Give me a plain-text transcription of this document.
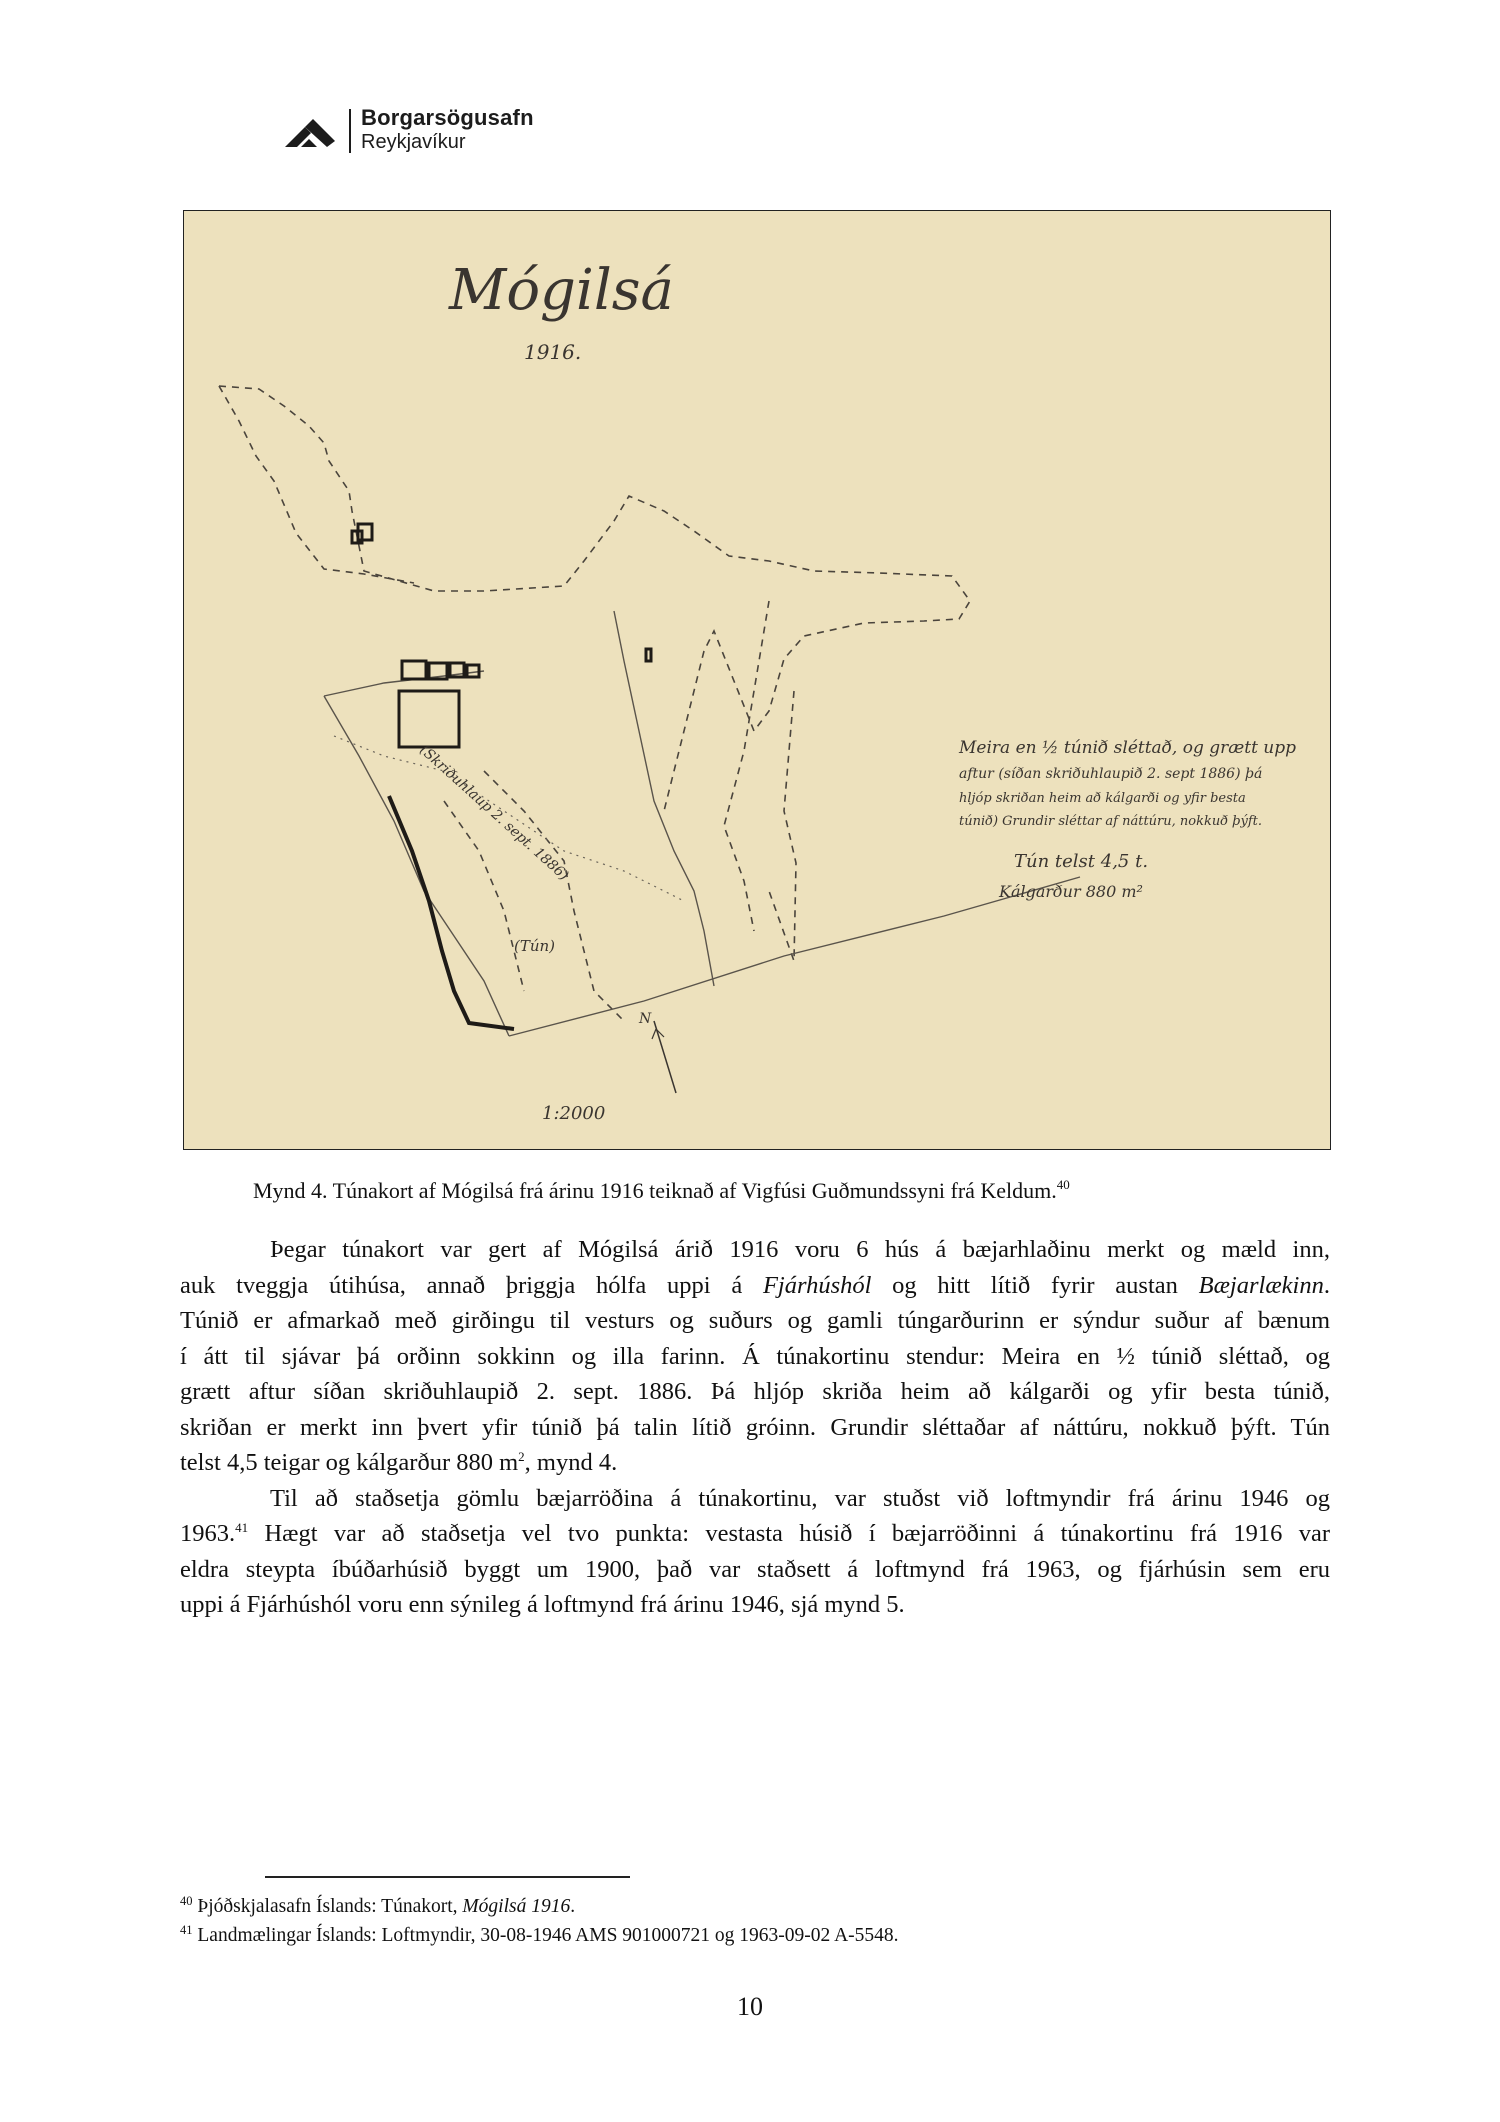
Borgarsögusafn
Reykjavíkur
Mógilsá
1916.
(Skriðuhlaup 2. sept. 1886)
(Tún)
N
1:2000
Meira en ½ túnið sléttað, og grætt upp
aftur (síðan skriðuhlaupið 2. sept 1886) þá
hljóp skriðan heim að kálgarði og yfir besta
túnið) Grundir sléttar af náttúru, nokkuð þýft.
Tún telst 4,5 t.
Kálgarður 880 m²
Mynd 4. Túnakort af Mógilsá frá árinu 1916 teiknað af Vigfúsi Guðmundssyni frá Keldum.$^{40}$

Þegar túnakort var gert af Mógilsá árið 1916 voru 6 hús á bæjarhlaðinu merkt og mæld inn,
auk tveggja útihúsa, annað þriggja hólfa uppi á Fjárhúshól og hitt lítið fyrir austan Bæjarlækinn.
Túnið er afmarkað með girðingu til vesturs og suðurs og gamli túngarðurinn er sýndur suður af bænum
í átt til sjávar þá orðinn sokkinn og illa farinn. Á túnakortinu stendur: Meira en ½ túnið sléttað, og
grætt aftur síðan skriðuhlaupið 2. sept. 1886. Þá hljóp skriða heim að kálgarði og yfir besta túnið,
skriðan er merkt inn þvert yfir túnið þá talin lítið gróinn. Grundir sléttaðar af náttúru, nokkuð þýft. Tún
telst 4,5 teigar og kálgarður 880 $m^2$, mynd 4.

Til að staðsetja gömlu bæjarröðina á túnakortinu, var stuðst við loftmyndir frá árinu 1946 og
1963.41 Hægt var að staðsetja vel tvo punkta: vestasta húsið í bæjarröðinni á túnakortinu frá 1916 var
eldra steypta íbúðarhúsið byggt um 1900, það var staðsett á loftmynd frá 1963, og fjárhúsin sem eru
uppi á Fjárhúshól voru enn sýnileg á loftmynd frá árinu 1946, sjá mynd 5.

$^{40}$ Þjóðskjalasafn Íslands: Túnakort, Mógilsá 1916.
$^{41}$ Landmælingar Íslands: Loftmyndir, 30-08-1946 AMS 901000721 og 1963-09-02 A-5548.
10
